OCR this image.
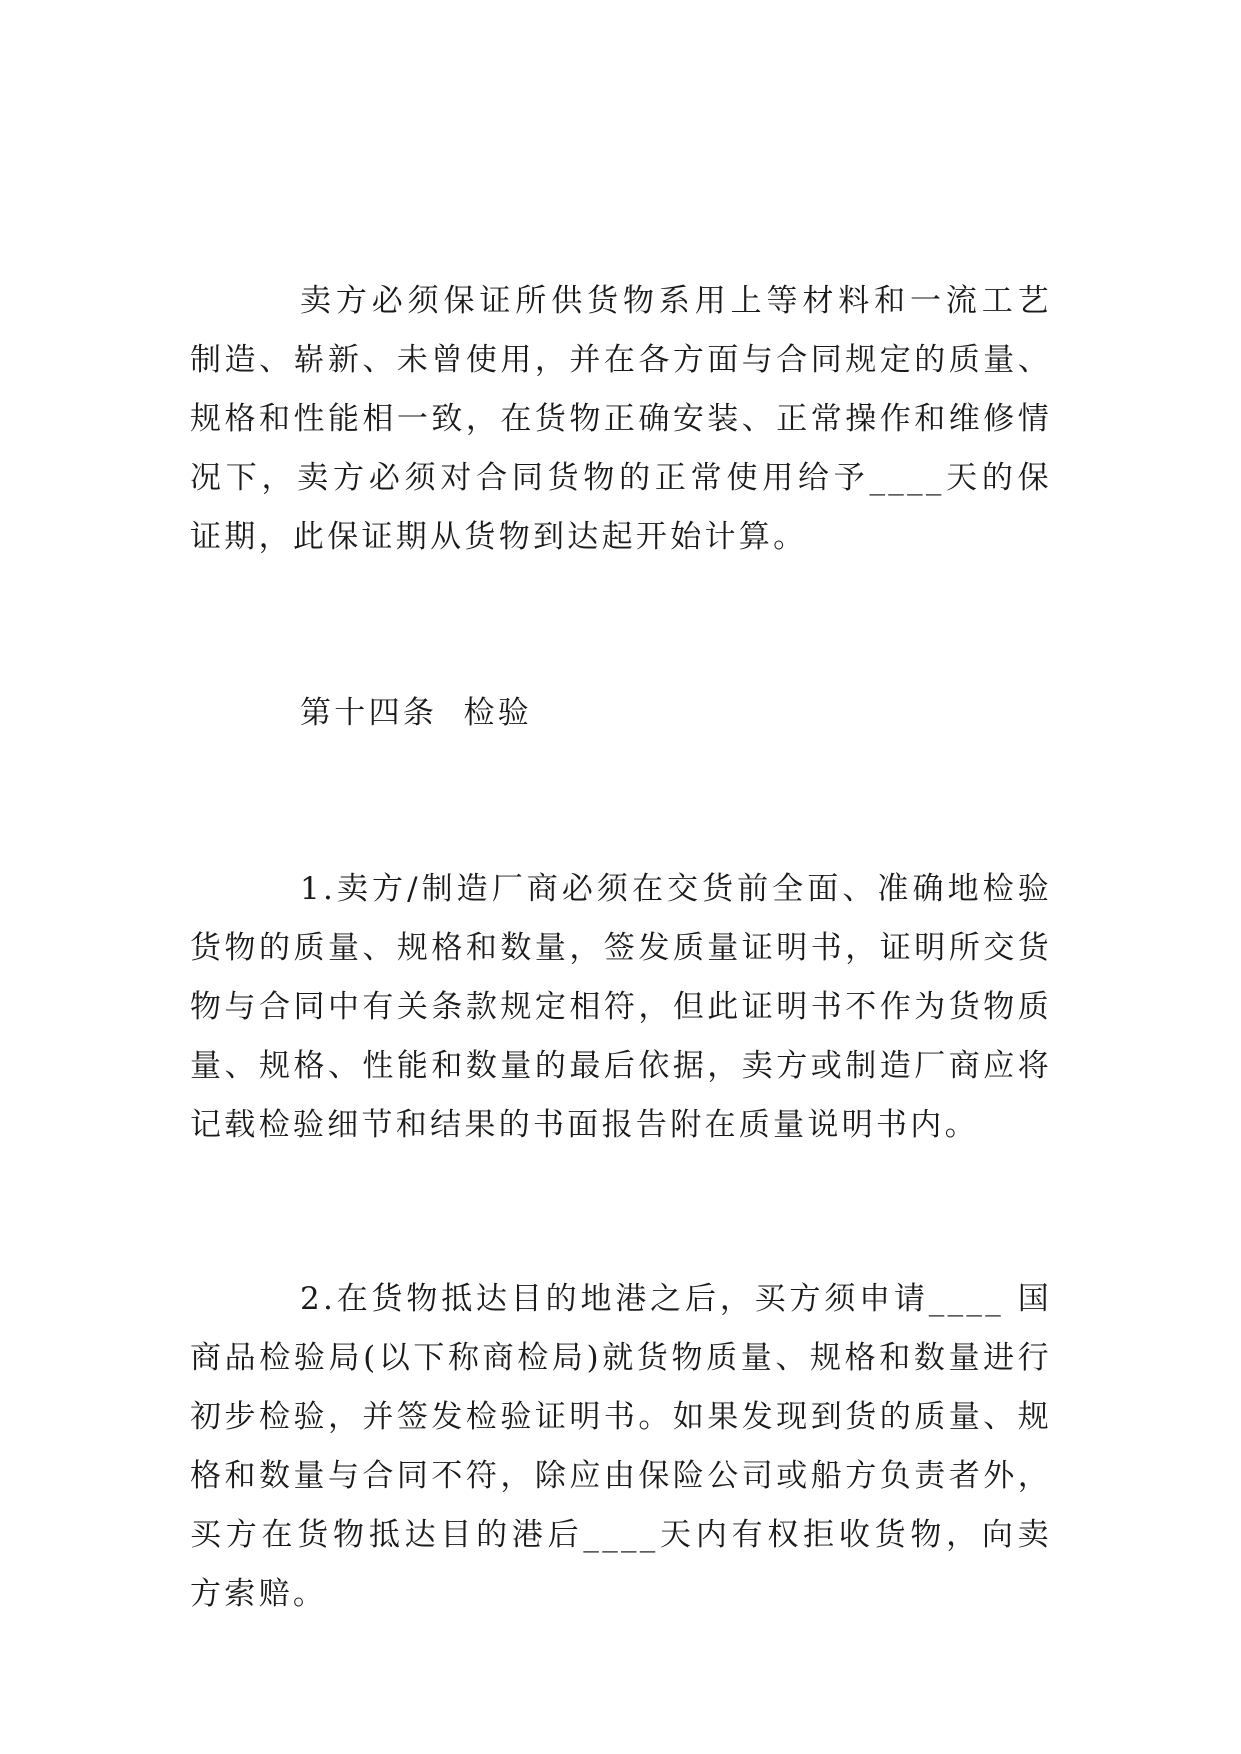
卖方必须保证所供货物系用上等材料和一流工艺制造、崭新、未曾使用，并在各方面与合同规定的质量、规格和性能相一致，在货物正确安装、正常操作和维修情况下，卖方必须对合同货物的正常使用给予____天的保证期，此保证期从货物到达起开始计算。

第十四条  检验

1.卖方/制造厂商必须在交货前全面、准确地检验货物的质量、规格和数量，签发质量证明书，证明所交货物与合同中有关条款规定相符，但此证明书不作为货物质量、规格、性能和数量的最后依据，卖方或制造厂商应将记载检验细节和结果的书面报告附在质量说明书内。

2.在货物抵达目的地港之后，买方须申请____ 国商品检验局(以下称商检局)就货物质量、规格和数量进行初步检验，并签发检验证明书。如果发现到货的质量、规格和数量与合同不符，除应由保险公司或船方负责者外，买方在货物抵达目的港后____天内有权拒收货物，向卖方索赔。
